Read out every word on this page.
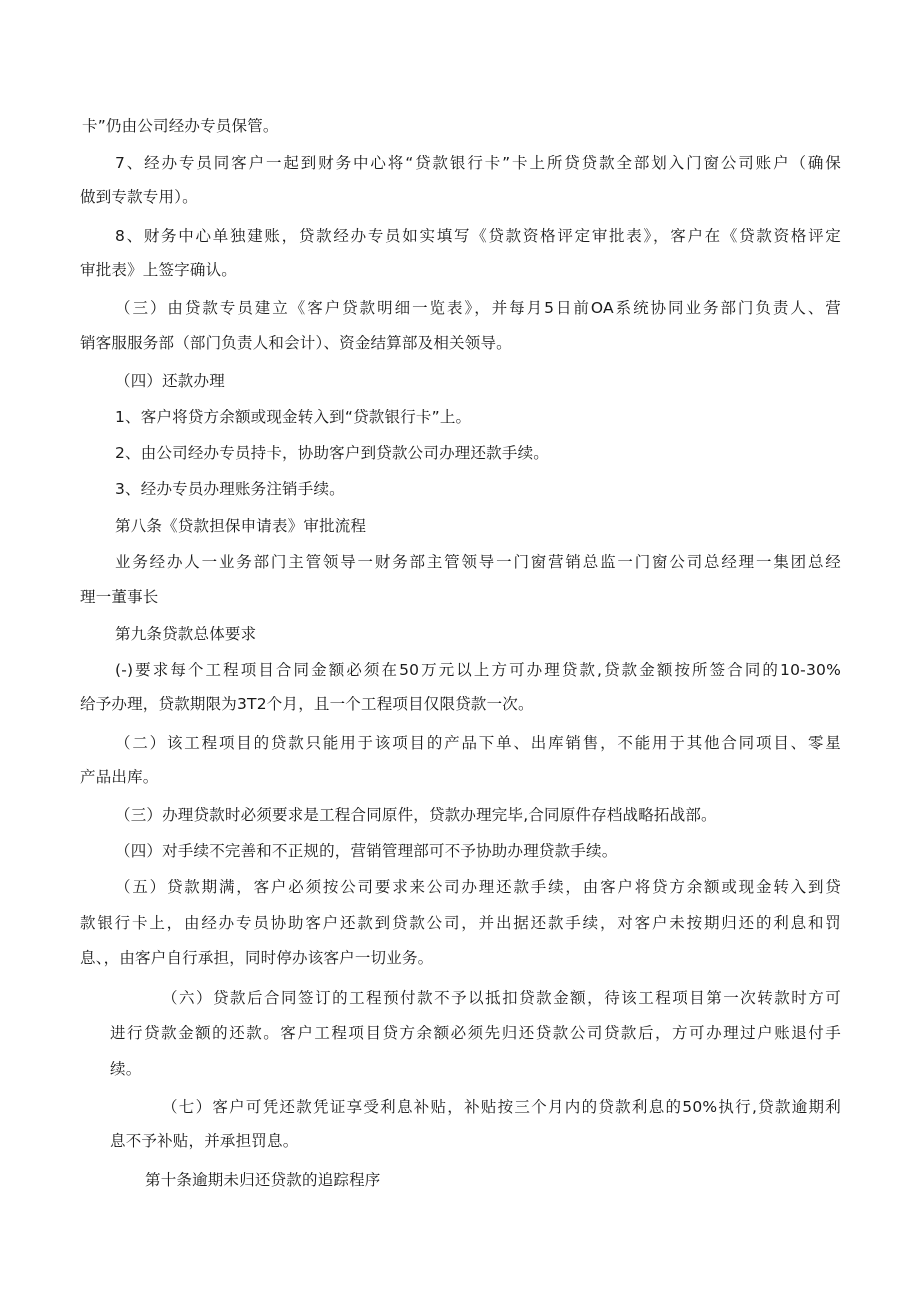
卡”仍由公司经办专员保管。
7、经办专员同客户一起到财务中心将“贷款银行卡”卡上所贷贷款全部划入门窗公司账户（确保
做到专款专用）。
8、财务中心单独建账，贷款经办专员如实填写《贷款资格评定审批表》，客户在《贷款资格评定
审批表》上签字确认。
（三）由贷款专员建立《客户贷款明细一览表》，并每月5日前OA系统协同业务部门负责人、营
销客服服务部（部门负责人和会计）、资金结算部及相关领导。
（四）还款办理
1、客户将贷方余额或现金转入到“贷款银行卡”上。
2、由公司经办专员持卡，协助客户到贷款公司办理还款手续。
3、经办专员办理账务注销手续。
第八条《贷款担保申请表》审批流程
业务经办人一业务部门主管领导一财务部主管领导一门窗营销总监一门窗公司总经理一集团总经
理一董事长
第九条贷款总体要求
(-)要求每个工程项目合同金额必须在50万元以上方可办理贷款,贷款金额按所签合同的10-30%
给予办理，贷款期限为3T2个月，且一个工程项目仅限贷款一次。
（二）该工程项目的贷款只能用于该项目的产品下单、出库销售，不能用于其他合同项目、零星
产品出库。
（三）办理贷款时必须要求是工程合同原件，贷款办理完毕,合同原件存档战略拓战部。
（四）对手续不完善和不正规的，营销管理部可不予协助办理贷款手续。
（五）贷款期满，客户必须按公司要求来公司办理还款手续，由客户将贷方余额或现金转入到贷
款银行卡上，由经办专员协助客户还款到贷款公司，并出据还款手续，对客户未按期归还的利息和罚
息、，由客户自行承担，同时停办该客户一切业务。
（六）贷款后合同签订的工程预付款不予以抵扣贷款金额，待该工程项目第一次转款时方可
进行贷款金额的还款。客户工程项目贷方余额必须先归还贷款公司贷款后，方可办理过户账退付手
续。
（七）客户可凭还款凭证享受利息补贴，补贴按三个月内的贷款利息的50%执行,贷款逾期利
息不予补贴，并承担罚息。
第十条逾期未归还贷款的追踪程序
